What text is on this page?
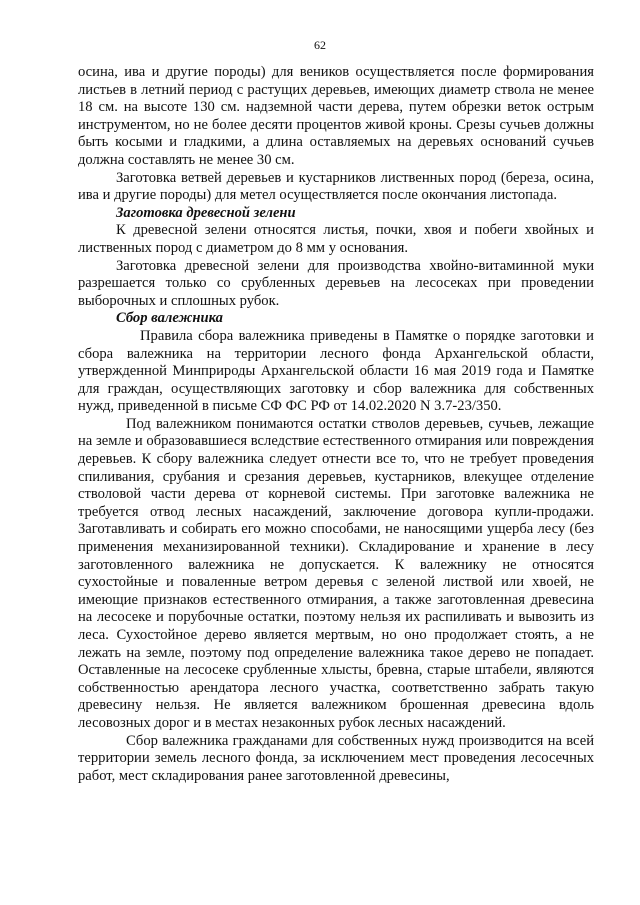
62

осина, ива и другие породы) для веников осуществляется после формирования листьев в летний период с растущих деревьев, имеющих диаметр ствола не менее 18 см. на высоте 130 см. надземной части дерева, путем обрезки веток острым инструментом, но не более десяти процентов живой кроны. Срезы сучьев должны быть косыми и гладкими, а длина оставляемых на деревьях оснований сучьев должна составлять не менее 30 см.

Заготовка ветвей деревьев и кустарников лиственных пород (береза, осина, ива и другие породы) для метел осуществляется после окончания листопада.

Заготовка древесной зелени

К древесной зелени относятся листья, почки, хвоя и побеги хвойных и лиственных пород с диаметром до 8 мм у основания.

Заготовка древесной зелени для производства хвойно-витаминной муки разрешается только со срубленных деревьев на лесосеках при проведении выборочных и сплошных рубок.

Сбор валежника

Правила сбора валежника приведены в Памятке о порядке заготовки и сбора валежника на территории лесного фонда Архангельской области, утвержденной Минприроды Архангельской области 16 мая 2019 года и Памятке для граждан, осуществляющих заготовку и сбор валежника для собственных нужд, приведенной в письме СФ ФС РФ от 14.02.2020 N 3.7-23/350.

Под валежником понимаются остатки стволов деревьев, сучьев, лежащие на земле и образовавшиеся вследствие естественного отмирания или повреждения деревьев. К сбору валежника следует отнести все то, что не требует проведения спиливания, срубания и срезания деревьев, кустарников, влекущее отделение стволовой части дерева от корневой системы. При заготовке валежника не требуется отвод лесных насаждений, заключение договора купли-продажи. Заготавливать и собирать его можно способами, не наносящими ущерба лесу (без применения механизированной техники). Складирование и хранение в лесу заготовленного валежника не допускается. К валежнику не относятся сухостойные и поваленные ветром деревья с зеленой листвой или хвоей, не имеющие признаков естественного отмирания, а также заготовленная древесина на лесосеке и порубочные остатки, поэтому нельзя их распиливать и вывозить из леса. Сухостойное дерево является мертвым, но оно продолжает стоять, а не лежать на земле, поэтому под определение валежника такое дерево не попадает. Оставленные на лесосеке срубленные хлысты, бревна, старые штабели, являются собственностью арендатора лесного участка, соответственно забрать такую древесину нельзя. Не является валежником брошенная древесина вдоль лесовозных дорог и в местах незаконных рубок лесных насаждений.

Сбор валежника гражданами для собственных нужд производится на всей территории земель лесного фонда, за исключением мест проведения лесосечных работ, мест складирования ранее заготовленной древесины,
